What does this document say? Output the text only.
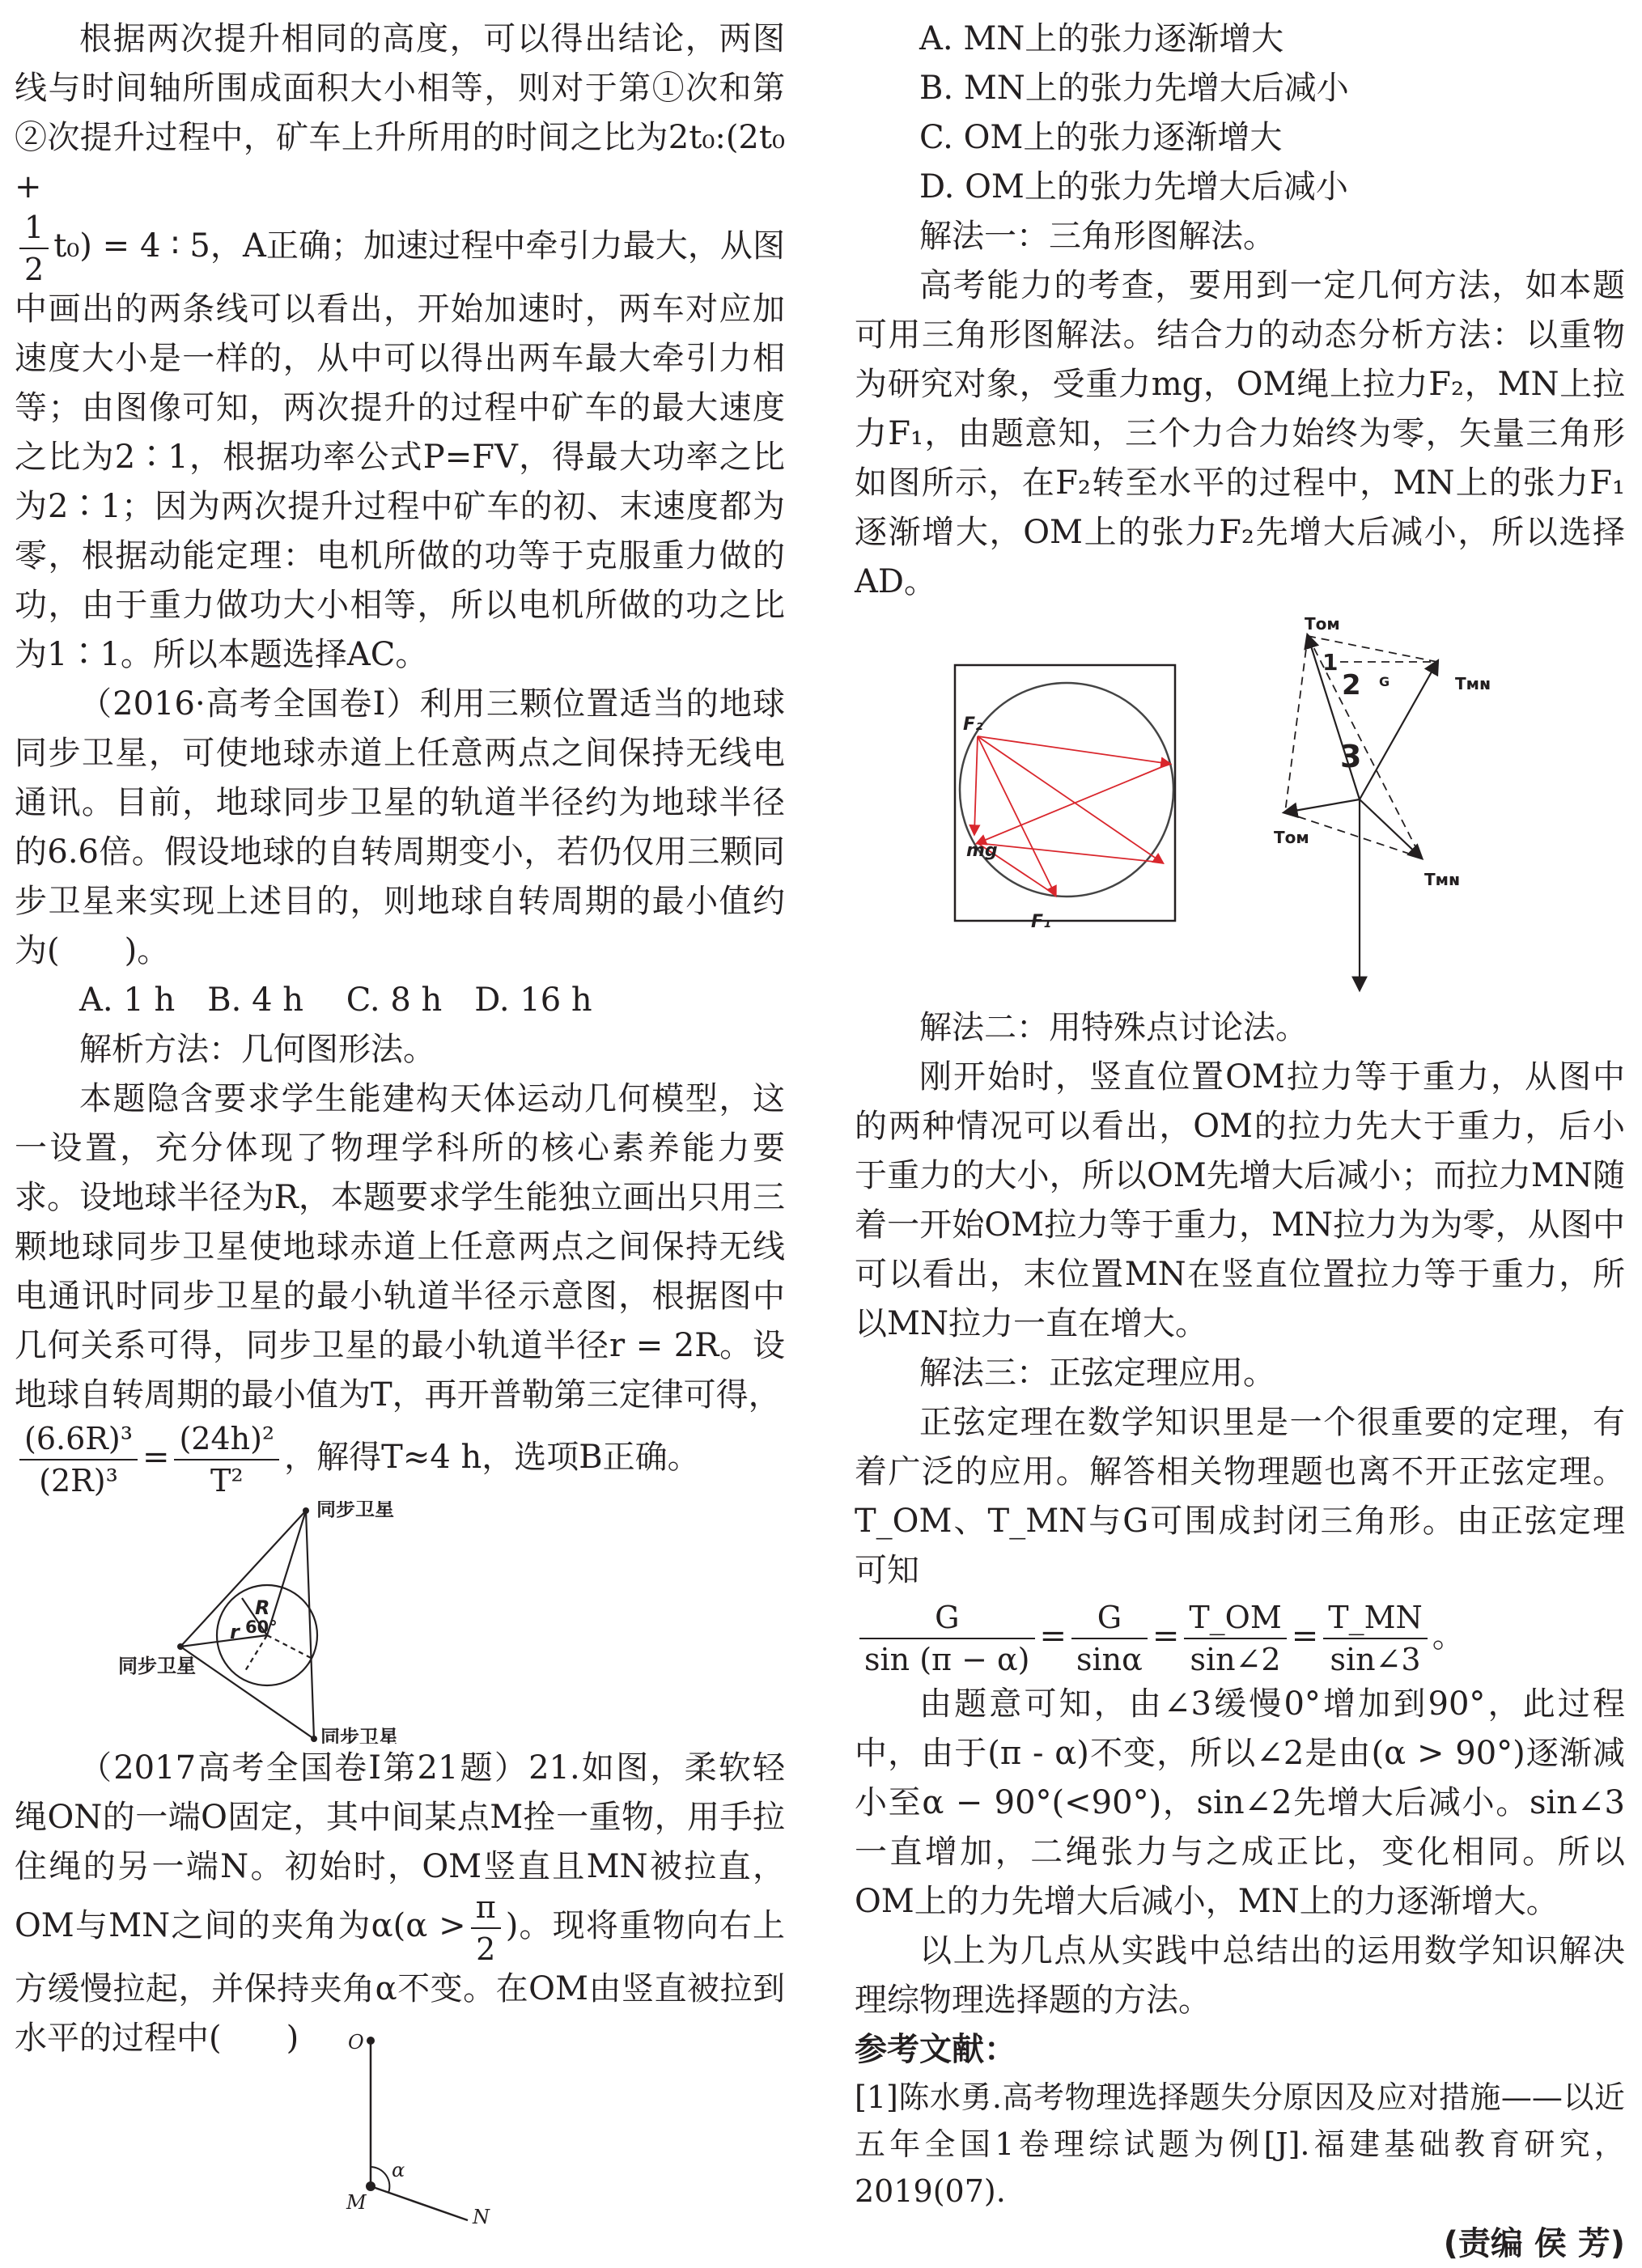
根据两次提升相同的高度，可以得出结论，两图线与时间轴所围成面积大小相等，则对于第①次和第②次提升过程中，矿车上升所用的时间之比为2t₀:(2t₀ +

$\frac{1}{2} t_0) = 4$ ∶ 5，A正确；加速过程中牵引力最大，从图中画出的两条线可以看出，开始加速时，两车对应加速度大小是一样的，从中可以得出两车最大牵引力相等；由图像可知，两次提升的过程中矿车的最大速度之比为2∶1，根据功率公式P=FV，得最大功率之比为2∶1；因为两次提升过程中矿车的初、末速度都为零，根据动能定理：电机所做的功等于克服重力做的功，由于重力做功大小相等，所以电机所做的功之比为1∶1。所以本题选择AC。

（2016·高考全国卷Ⅰ）利用三颗位置适当的地球同步卫星，可使地球赤道上任意两点之间保持无线电通讯。目前，地球同步卫星的轨道半径约为地球半径的6.6倍。假设地球的自转周期变小，若仍仅用三颗同步卫星来实现上述目的，则地球自转周期的最小值约为(　　)。

A. 1 h　B. 4 h　 C. 8 h　D. 16 h

解析方法：几何图形法。

本题隐含要求学生能建构天体运动几何模型，这一设置，充分体现了物理学科所的核心素养能力要求。设地球半径为R，本题要求学生能独立画出只用三颗地球同步卫星使地球赤道上任意两点之间保持无线电通讯时同步卫星的最小轨道半径示意图，根据图中几何关系可得，同步卫星的最小轨道半径r = 2R。设地球自转周期的最小值为T，再开普勒第三定律可得，

$\frac{\text{(6.6R)³}}{\text{(2R)³}} = \frac{\text{(24h)²}}{\text{T²}}$ ，解得T≈4 h，选项B正确。

同步卫星
同步卫星
同步卫星
r
R
60°

（2017高考全国卷Ⅰ第21题）21.如图，柔软轻绳ON的一端O固定，其中间某点M拴一重物，用手拉住绳的另一端N。初始时，OM竖直且MN被拉直，OM与MN之间的夹角为$\alpha(\alpha > \frac{\pi}{2}$ )。现将重物向右上方缓慢拉起，并保持夹角α不变。在OM由竖直被拉到水平的过程中(　　)	O
M
N
α

A. MN上的张力逐渐增大

B. MN上的张力先增大后减小

C. OM上的张力逐渐增大

D. OM上的张力先增大后减小

解法一：三角形图解法。

高考能力的考查，要用到一定几何方法，如本题可用三角形图解法。结合力的动态分析方法：以重物为研究对象，受重力mg，OM绳上拉力F₂，MN上拉力F₁，由题意知，三个力合力始终为零，矢量三角形如图所示，在F₂转至水平的过程中，MN上的张力F₁逐渐增大，OM上的张力F₂先增大后减小，所以选择AD。

F₂
mg
F₁
Tᴏᴍ
Tᴍɴ
Tᴏᴍ
Tᴍɴ
G
1
2
3

解法二：用特殊点讨论法。

刚开始时，竖直位置OM拉力等于重力，从图中的两种情况可以看出，OM的拉力先大于重力，后小于重力的大小，所以OM先增大后减小；而拉力MN随着一开始OM拉力等于重力，MN拉力为为零，从图中可以看出，末位置MN在竖直位置拉力等于重力，所以MN拉力一直在增大。

解法三：正弦定理应用。

正弦定理在数学知识里是一个很重要的定理，有着广泛的应用。解答相关物理题也离不开正弦定理。T_OM、T_MN与G可围成封闭三角形。由正弦定理可知

$\frac{G}{\sin (\pi - \alpha)} = \frac{G}{\sin\alpha} = \frac{T\_OM}{\sin\angle 2} = \frac{T\_MN}{\sin\angle 3}$ 。

由题意可知，由∠3缓慢0°增加到90°，此过程中，由于(π - α)不变，所以∠2是由(α > 90°)逐渐减小至α − 90°(<90°)，sin∠2先增大后减小。sin∠3一直增加，二绳张力与之成正比，变化相同。所以OM上的力先增大后减小，MN上的力逐渐增大。

以上为几点从实践中总结出的运用数学知识解决理综物理选择题的方法。

参考文献：

[1]陈水勇.高考物理选择题失分原因及应对措施——以近五年全国1卷理综试题为例[J].福建基础教育研究，2019(07).

(责编 侯 芳)
